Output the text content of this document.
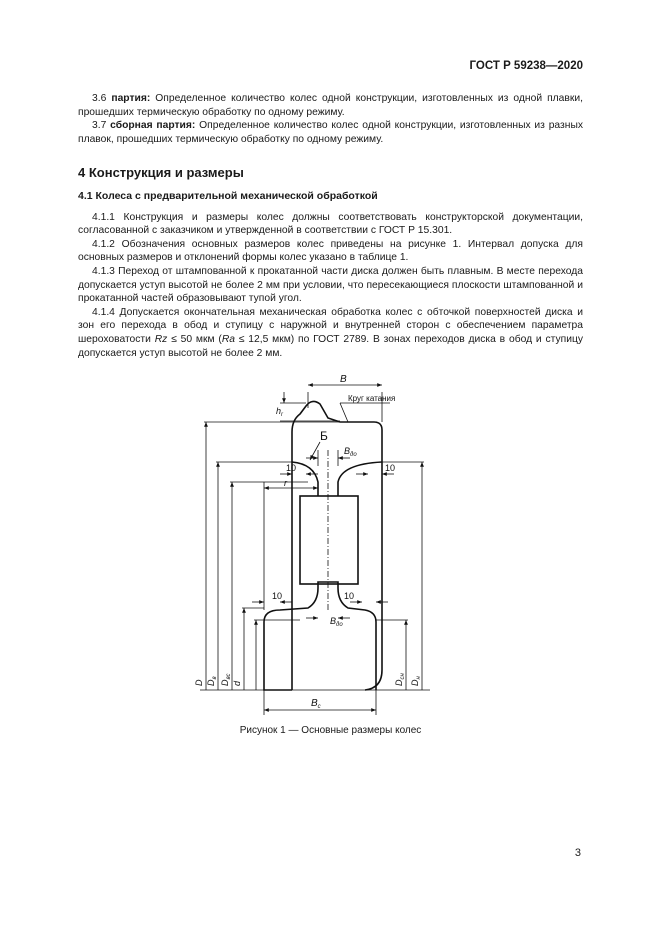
ГОСТ Р 59238—2020

3.6 партия: Определенное количество колес одной конструкции, изготовленных из одной плавки, прошедших термическую обработку по одному режиму.

3.7 сборная партия: Определенное количество колес одной конструкции, изготовленных из разных плавок, прошедших термическую обработку по одному режиму.

4 Конструкция и размеры
4.1 Колеса с предварительной механической обработкой

4.1.1 Конструкция и размеры колес должны соответствовать конструкторской документации, согласованной с заказчиком и утвержденной в соответствии с ГОСТ Р 15.301.

4.1.2 Обозначения основных размеров колес приведены на рисунке 1. Интервал допуска для основных размеров и отклонений формы колес указано в таблице 1.

4.1.3 Переход от штампованной к прокатанной части диска должен быть плавным. В месте перехода допускается уступ высотой не более 2 мм при условии, что пересекающиеся плоскости штампованной и прокатанной частей образовывают тупой угол.

4.1.4 Допускается окончательная механическая обработка колес с обточкой поверхностей диска и зон его перехода в обод и ступицу с наружной и внутренней сторон с обеспечением параметра шероховатости Rz ≤ 50 мкм (Ra ≤ 12,5 мкм) по ГОСТ 2789. В зонах переходов диска в обод и ступицу допускается уступ высотой не более 2 мм.

B
Круг катания
$h_r$
Б
$B_{до}$
10	10
r
10	10
$B_{до}$
$B_с$
D $D_в$
$D_{вс}$
d	$D_{сн}$
$D_н$
Рисунок 1 — Основные размеры колес
3
